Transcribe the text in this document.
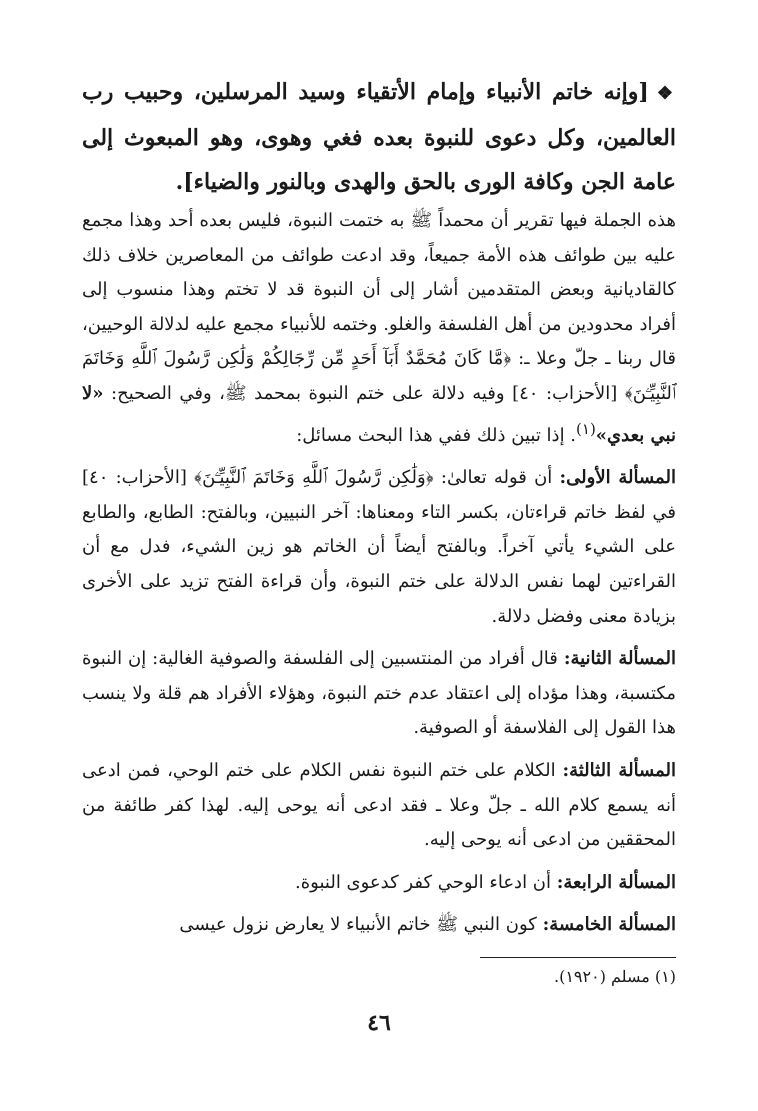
❖[وإنه خاتم الأنبياء وإمام الأتقياء وسيد المرسلين، وحبيب رب العالمين، وكل دعوى للنبوة بعده فغي وهوى، وهو المبعوث إلى عامة الجن وكافة الورى بالحق والهدى وبالنور والضياء].

هذه الجملة فيها تقرير أن محمداً ﷺ به ختمت النبوة، فليس بعده أحد وهذا مجمع عليه بين طوائف هذه الأمة جميعاً، وقد ادعت طوائف من المعاصرين خلاف ذلك كالقاديانية وبعض المتقدمين أشار إلى أن النبوة قد لا تختم وهذا منسوب إلى أفراد محدودين من أهل الفلسفة والغلو. وختمه للأنبياء مجمع عليه لدلالة الوحيين، قال ربنا ـ جلّ وعلا ـ: ﴿مَّا كَانَ مُحَمَّدٌ أَبَآ أَحَدٍ مِّن رِّجَالِكُمْ وَلَٰكِن رَّسُولَ ٱللَّهِ وَخَاتَمَ ٱلنَّبِيِّـۧنَ﴾ [الأحزاب: ٤٠] وفيه دلالة على ختم النبوة بمحمد ﷺ، وفي الصحيح: «لا نبي بعدي»$^{(١)}$. إذا تبين ذلك ففي هذا البحث مسائل:

المسألة الأولى: أن قوله تعالىٰ: ﴿وَلَٰكِن رَّسُولَ ٱللَّهِ وَخَاتَمَ ٱلنَّبِيِّـۧنَ﴾ [الأحزاب: ٤٠] في لفظ خاتم قراءتان، بكسر التاء ومعناها: آخر النبيين، وبالفتح: الطابع، والطابع على الشيء يأتي آخراً. وبالفتح أيضاً أن الخاتم هو زين الشيء، فدل مع أن القراءتين لهما نفس الدلالة على ختم النبوة، وأن قراءة الفتح تزيد على الأخرى بزيادة معنى وفضل دلالة.

المسألة الثانية: قال أفراد من المنتسبين إلى الفلسفة والصوفية الغالية: إن النبوة مكتسبة، وهذا مؤداه إلى اعتقاد عدم ختم النبوة، وهؤلاء الأفراد هم قلة ولا ينسب هذا القول إلى الفلاسفة أو الصوفية.

المسألة الثالثة: الكلام على ختم النبوة نفس الكلام على ختم الوحي، فمن ادعى أنه يسمع كلام الله ـ جلّ وعلا ـ فقد ادعى أنه يوحى إليه. لهذا كفر طائفة من المحققين من ادعى أنه يوحى إليه.

المسألة الرابعة: أن ادعاء الوحي كفر كدعوى النبوة.

المسألة الخامسة: كون النبي ﷺ خاتم الأنبياء لا يعارض نزول عيسى

(١) مسلم (١٩٢٠).
٤٦
